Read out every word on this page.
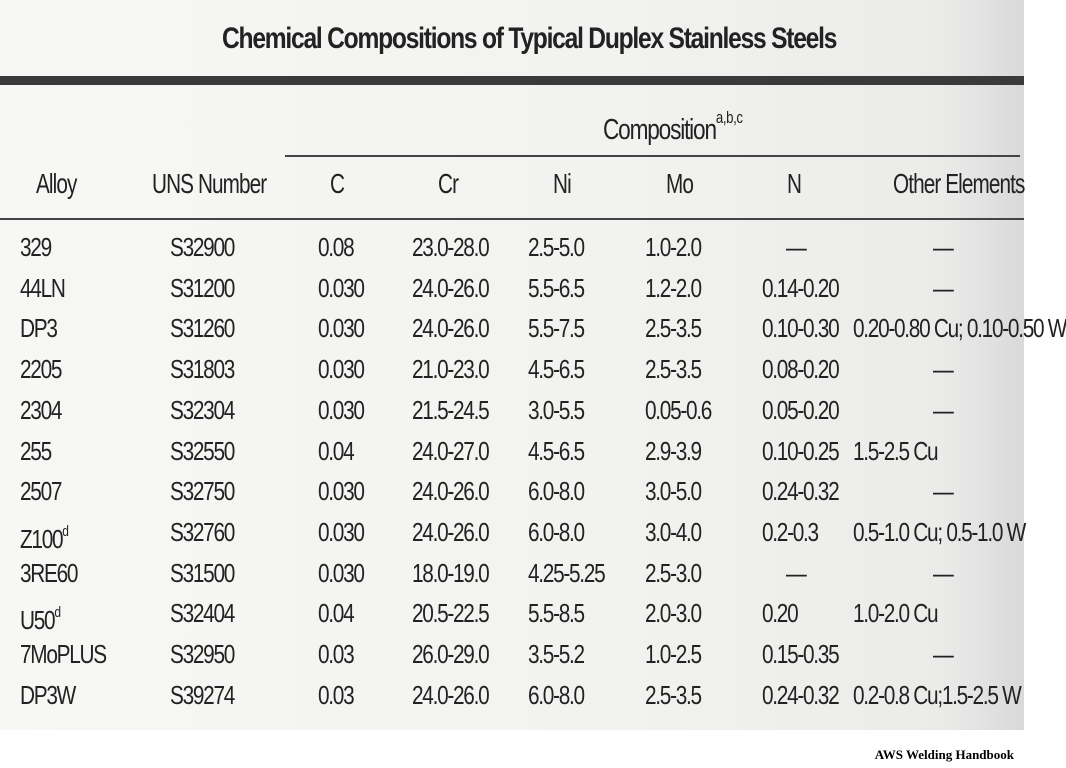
Chemical Compositions of Typical Duplex Stainless Steels
Composition$^{a,b,c}$
Alloy	UNS Number C	Cr	Ni	Mo	N	Other Elements
329	S32900	0.08 23.0-28.0 2.5-5.0 1.0-2.0	—	—
44LN	S31200	0.030 24.0-26.0 5.5-6.5 1.2-2.0 0.14-0.20	—
DP3	S31260	0.030 24.0-26.0 5.5-7.5 2.5-3.5 0.10-0.30 0.20-0.80 Cu; 0.10-0.50 W
2205	S31803	0.030 21.0-23.0 4.5-6.5 2.5-3.5 0.08-0.20	—
2304	S32304	0.030 21.5-24.5 3.0-5.5 0.05-0.6 0.05-0.20	—
255	S32550	0.04 24.0-27.0 4.5-6.5 2.9-3.9 0.10-0.25 1.5-2.5 Cu
2507	S32750	0.030 24.0-26.0 6.0-8.0 3.0-5.0 0.24-0.32	—
Z100$^d$	S32760	0.030 24.0-26.0 6.0-8.0 3.0-4.0 0.2-0.3 0.5-1.0 Cu; 0.5-1.0 W
3RE60	S31500	0.030 18.0-19.0 4.25-5.25 2.5-3.0	—	—
U50$^d$	S32404	0.04 20.5-22.5 5.5-8.5 2.0-3.0 0.20 1.0-2.0 Cu
7MoPLUS S32950	0.03 26.0-29.0 3.5-5.2 1.0-2.5 0.15-0.35	—
DP3W	S39274	0.03 24.0-26.0 6.0-8.0 2.5-3.5 0.24-0.32 0.2-0.8 Cu;1.5-2.5 W
AWS Welding Handbook
